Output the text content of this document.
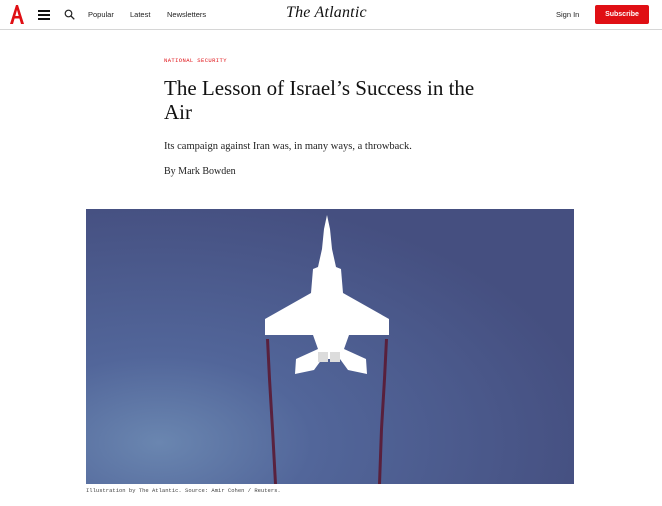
Popular Latest Newsletters	The Atlantic	Sign In	Subscribe
NATIONAL SECURITY
The Lesson of Israel’s Success in the Air

Its campaign against Iran was, in many ways, a throwback.

By Mark Bowden

Illustration by The Atlantic. Source: Amir Cohen / Reuters.
